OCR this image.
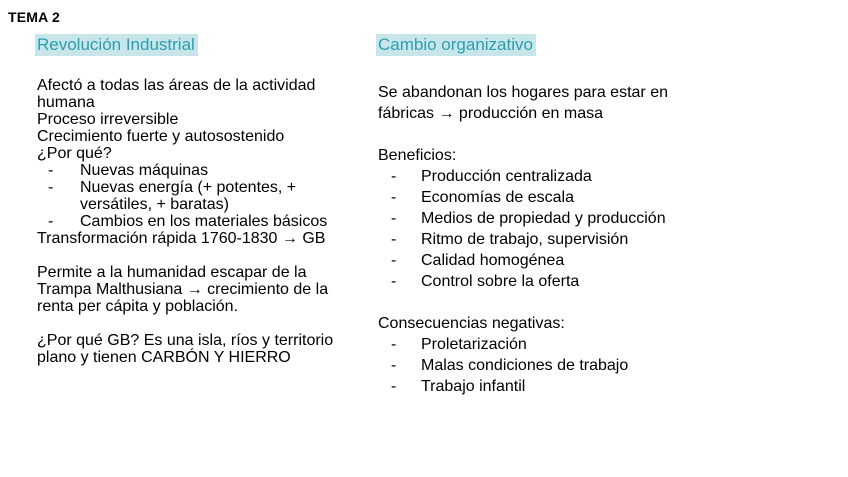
TEMA 2
Revolución Industrial
Afectó a todas las áreas de la actividad humana
Proceso irreversible
Crecimiento fuerte y autosostenido
¿Por qué?
- Nuevas máquinas
- Nuevas energía (+ potentes, + versátiles, + baratas)
- Cambios en los materiales básicos
Transformación rápida 1760-1830 → GB
Permite a la humanidad escapar de la Trampa Malthusiana → crecimiento de la renta per cápita y población.
¿Por qué GB? Es una isla, ríos y territorio plano y tienen CARBÓN Y HIERRO
Cambio organizativo
Se abandonan los hogares para estar en fábricas → producción en masa
Beneficios:
- Producción centralizada
- Economías de escala
- Medios de propiedad y producción
- Ritmo de trabajo, supervisión
- Calidad homogénea
- Control sobre la oferta
Consecuencias negativas:
- Proletarización
- Malas condiciones de trabajo
- Trabajo infantil
